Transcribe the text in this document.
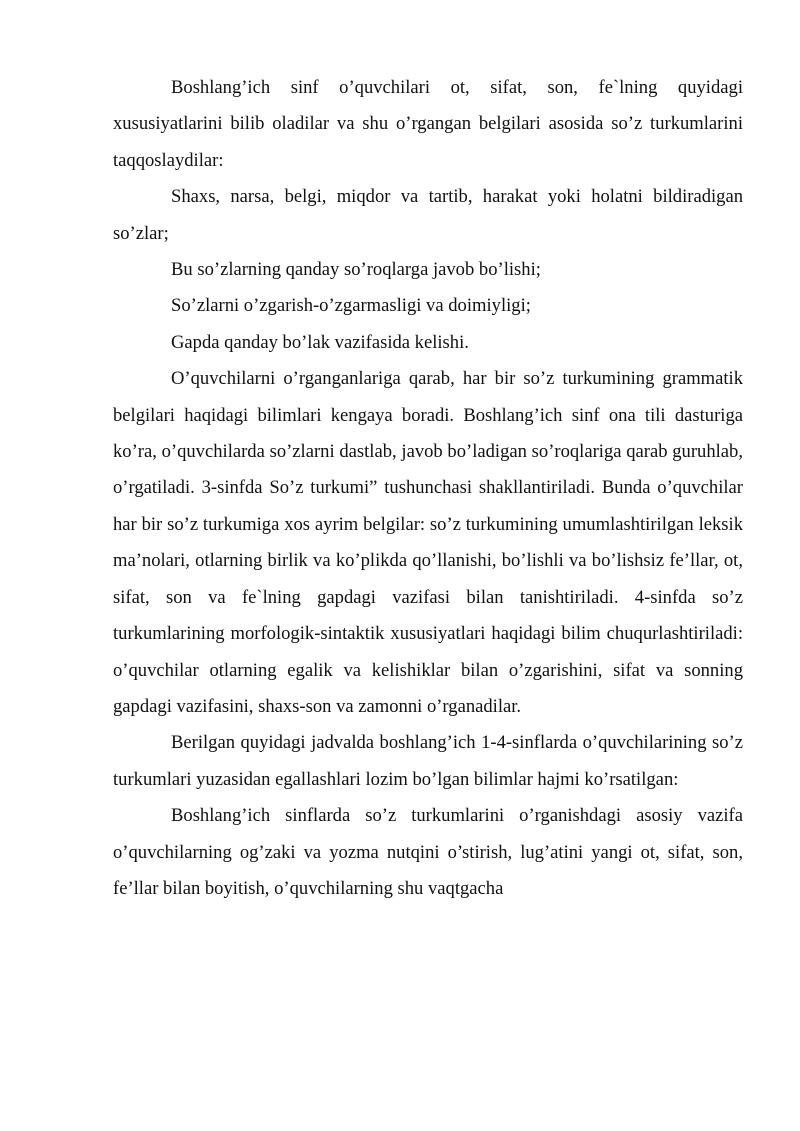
Boshlang’ich sinf o’quvchilari ot, sifat, son, fe`lning quyidagi xususiyatlarini bilib oladilar va shu o’rgangan belgilari asosida so’z turkumlarini taqqoslaydilar:

Shaxs, narsa, belgi, miqdor va tartib, harakat yoki holatni bildiradigan so’zlar;

Bu so’zlarning qanday so’roqlarga javob bo’lishi;

So’zlarni o’zgarish-o’zgarmasligi va doimiyligi;

Gapda qanday bo’lak vazifasida kelishi.

O’quvchilarni o’rganganlariga qarab, har bir so’z turkumining grammatik belgilari haqidagi bilimlari kengaya boradi. Boshlang’ich sinf ona tili dasturiga ko’ra, o’quvchilarda so’zlarni dastlab, javob bo’ladigan so’roqlariga qarab guruhlab, o’rgatiladi. 3-sinfda So’z turkumi” tushunchasi shakllantiriladi. Bunda o’quvchilar har bir so’z turkumiga xos ayrim belgilar: so’z turkumining umumlashtirilgan leksik ma’nolari, otlarning birlik va ko’plikda qo’llanishi, bo’lishli va bo’lishsiz fe’llar, ot, sifat, son va fe`lning gapdagi vazifasi bilan tanishtiriladi. 4-sinfda so’z turkumlarining morfologik-sintaktik xususiyatlari haqidagi bilim chuqurlashtiriladi: o’quvchilar otlarning egalik va kelishiklar bilan o’zgarishini, sifat va sonning gapdagi vazifasini, shaxs-son va zamonni o’rganadilar.

Berilgan quyidagi jadvalda boshlang’ich 1-4-sinflarda o’quvchilarining so’z turkumlari yuzasidan egallashlari lozim bo’lgan bilimlar hajmi ko’rsatilgan:

Boshlang’ich sinflarda so’z turkumlarini o’rganishdagi asosiy vazifa o’quvchilarning og’zaki va yozma nutqini o’stirish, lug’atini yangi ot, sifat, son, fe’llar bilan boyitish, o’quvchilarning shu vaqtgacha
